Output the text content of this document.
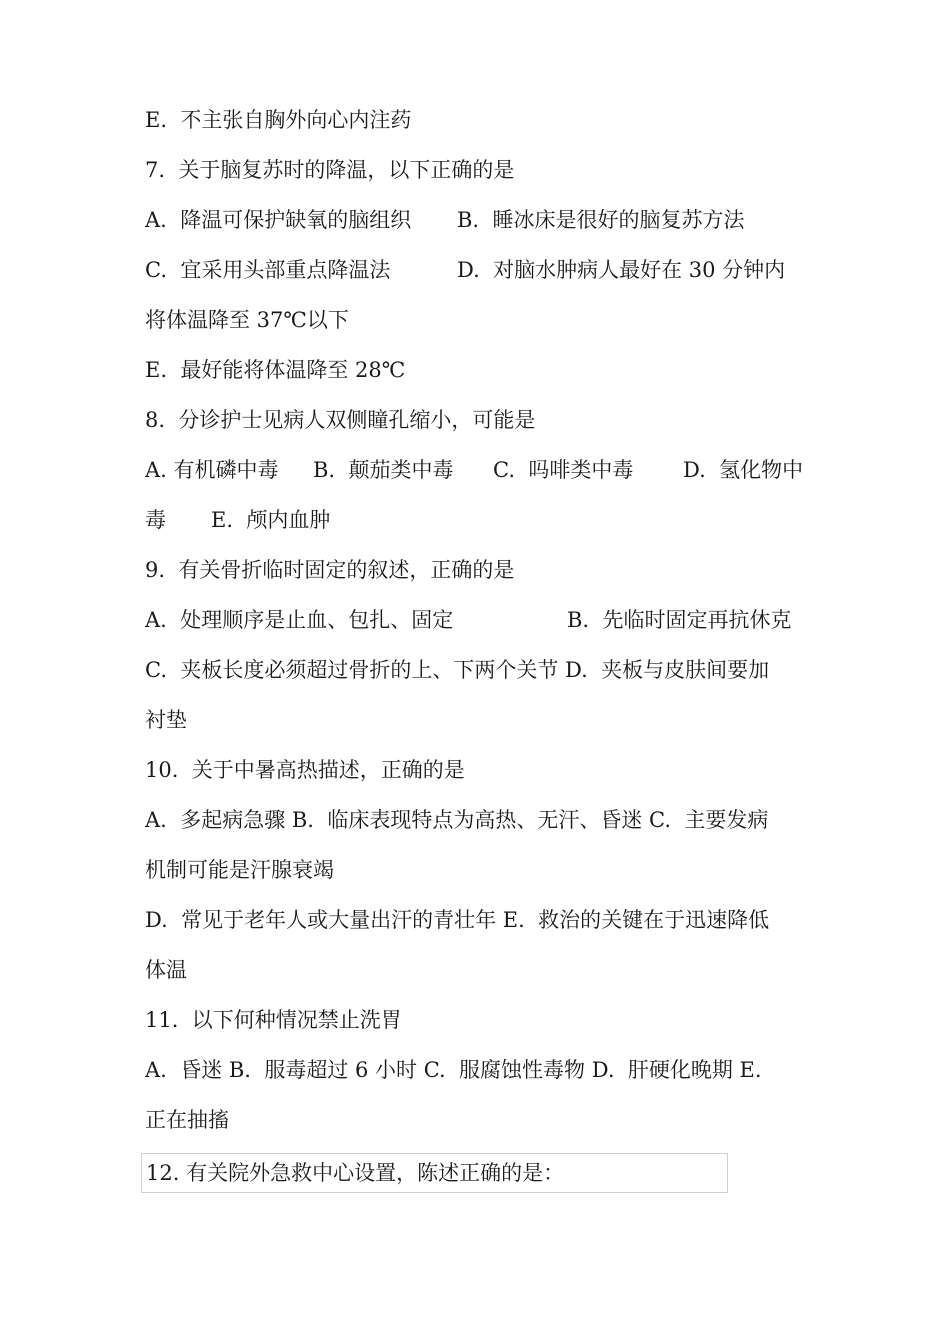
E.  不主张自胸外向心内注药

7.  关于脑复苏时的降温，以下正确的是

A.  降温可保护缺氧的脑组织

B.  睡冰床是很好的脑复苏方法

C.  宜采用头部重点降温法

	D.  对脑水肿病人最好在 30 分钟内

将体温降至 37℃以下

E.  最好能将体温降至 28℃

8.  分诊护士见病人双侧瞳孔缩小，可能是

A. 有机磷中毒

B.  颠茄类中毒

C.  吗啡类中毒

D.  氢化物中

毒

E.  颅内血肿

9.  有关骨折临时固定的叙述，正确的是

A.  处理顺序是止血、包扎、固定

	B.  先临时固定再抗休克

C.  夹板长度必须超过骨折的上、下两个关节 D.  夹板与皮肤间要加

衬垫

10.  关于中暑高热描述，正确的是

A.  多起病急骤 B.  临床表现特点为高热、无汗、昏迷 C.  主要发病

机制可能是汗腺衰竭

D.  常见于老年人或大量出汗的青壮年 E.  救治的关键在于迅速降低

体温

11.  以下何种情况禁止洗胃

A.  昏迷 B.  服毒超过 6 小时 C.  服腐蚀性毒物 D.  肝硬化晚期 E.

正在抽搐

12. 有关院外急救中心设置，陈述正确的是：
